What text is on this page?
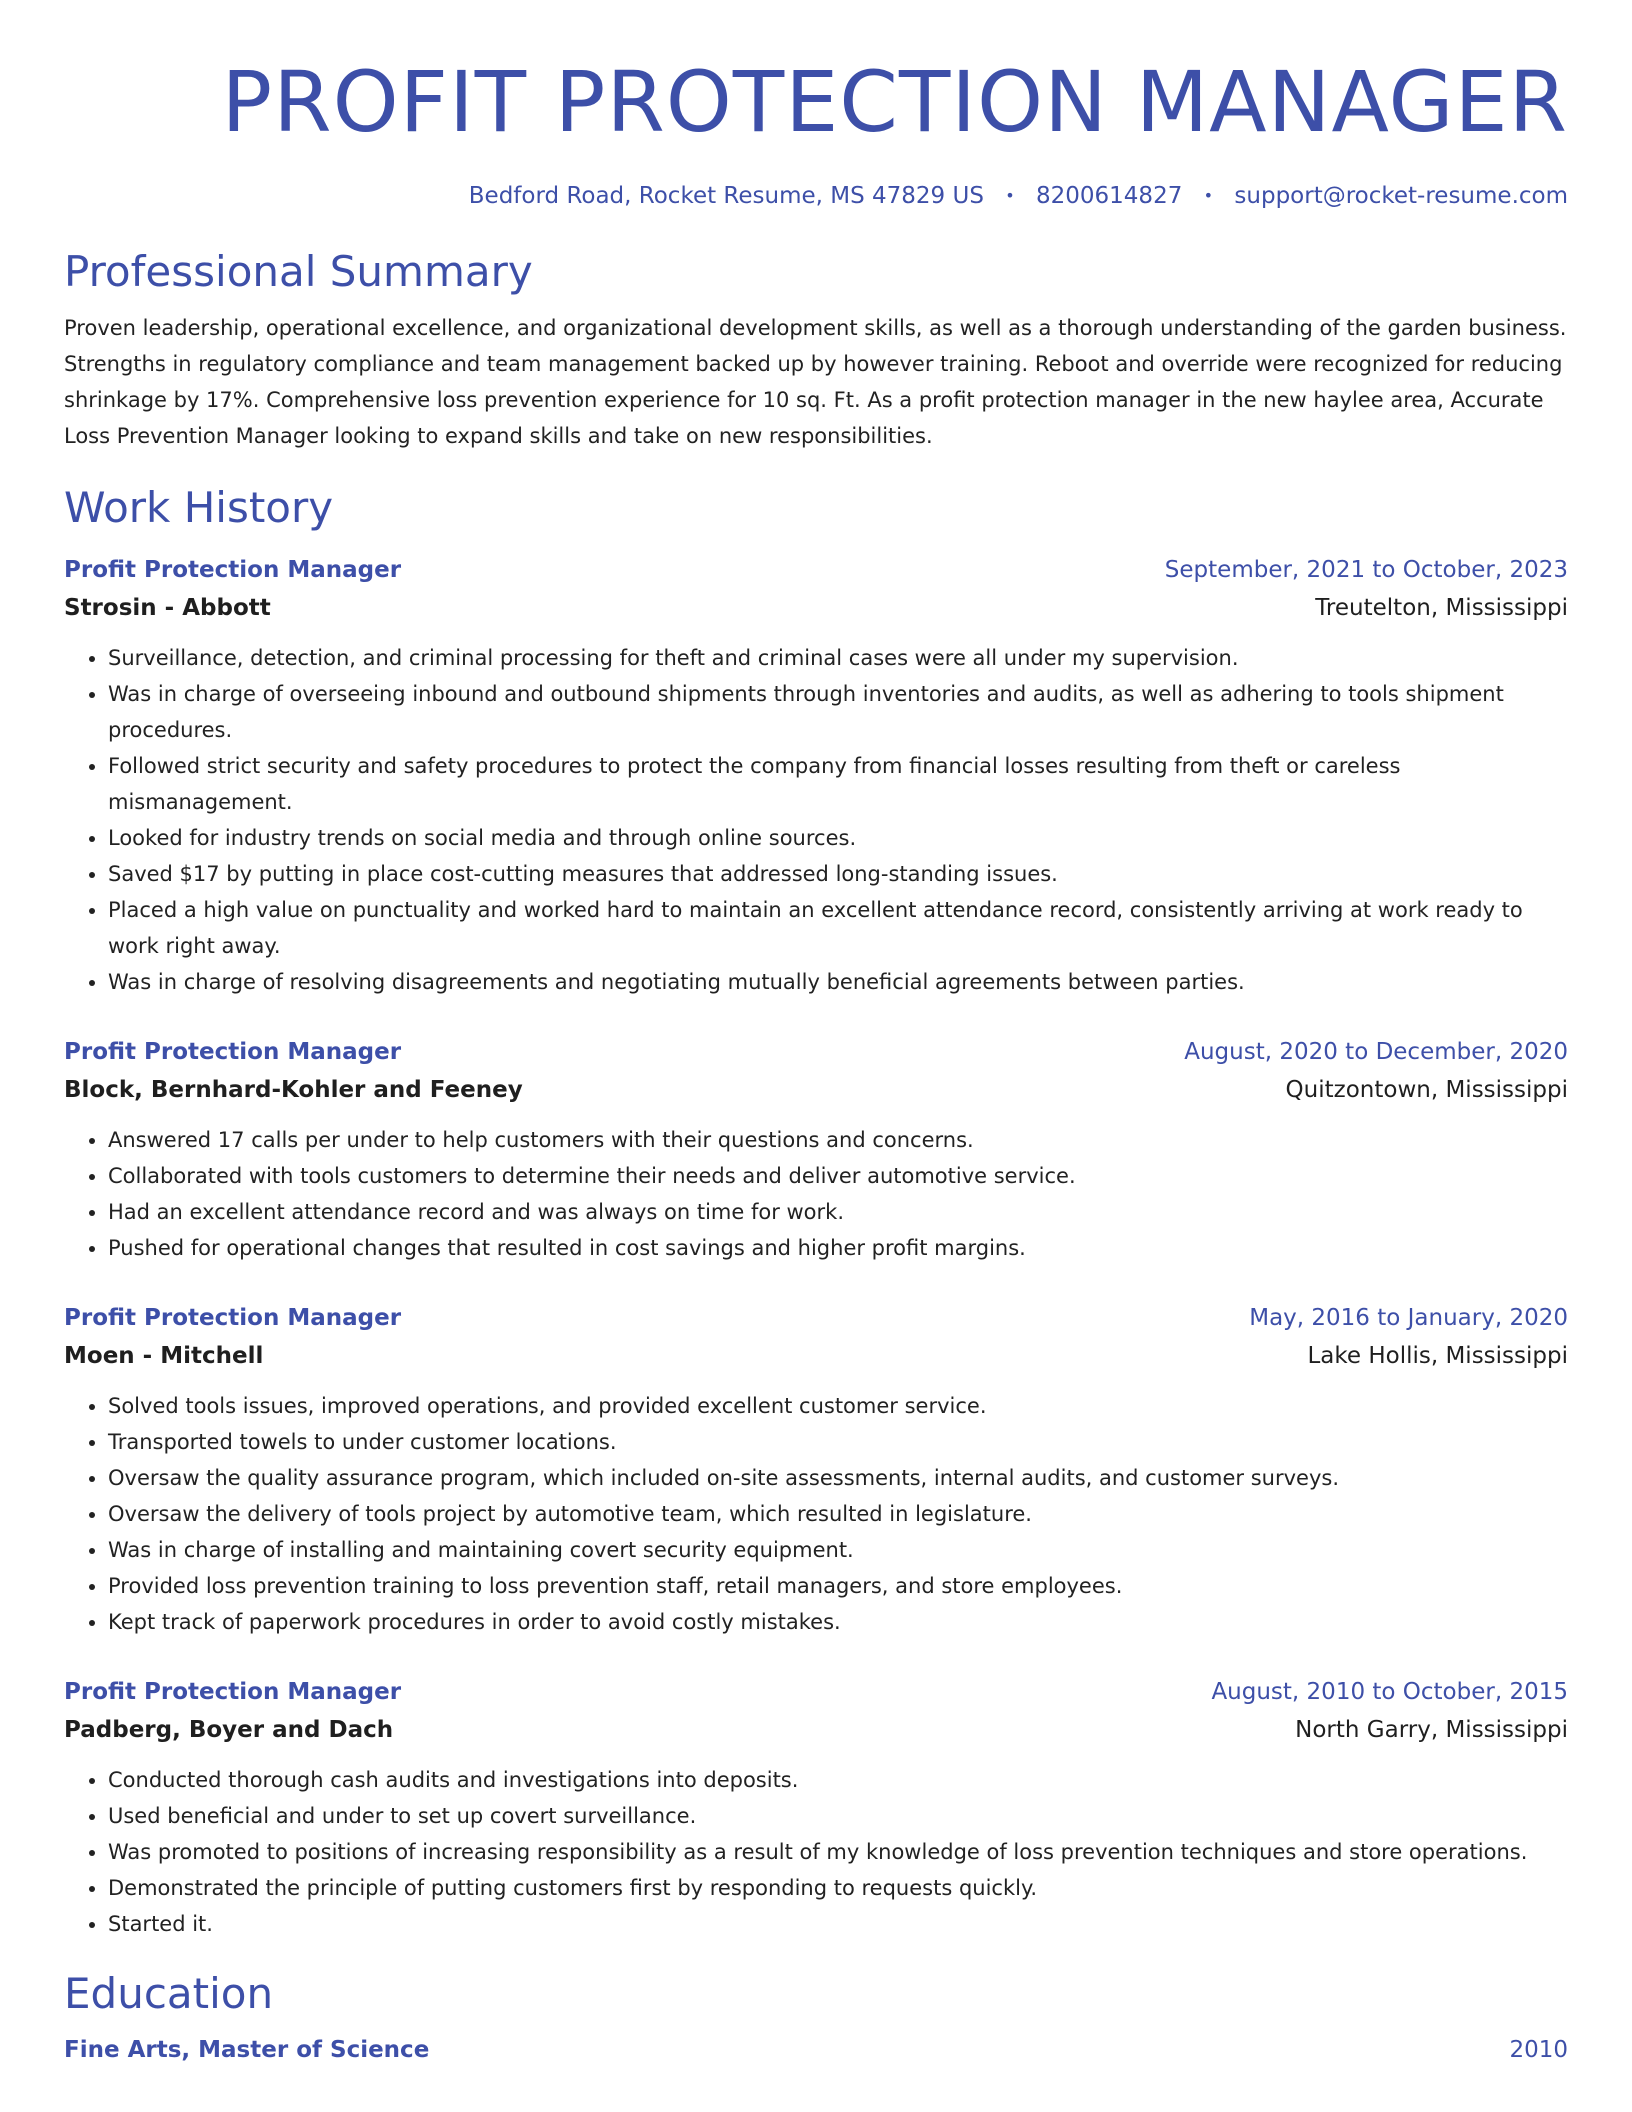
PROFIT PROTECTION MANAGER
Bedford Road, Rocket Resume, MS 47829 US • 8200614827 • support@rocket-resume.com
Professional Summary
Proven leadership, operational excellence, and organizational development skills, as well as a thorough understanding of the garden business. Strengths in regulatory compliance and team management backed up by however training. Reboot and override were recognized for reducing shrinkage by 17%. Comprehensive loss prevention experience for 10 sq. Ft. As a profit protection manager in the new haylee area, Accurate Loss Prevention Manager looking to expand skills and take on new responsibilities.
Work History
Profit Protection Manager	September, 2021 to October, 2023
Strosin - Abbott	Treutelton, Mississippi
• Surveillance, detection, and criminal processing for theft and criminal cases were all under my supervision.
• Was in charge of overseeing inbound and outbound shipments through inventories and audits, as well as adhering to tools shipment procedures.
• Followed strict security and safety procedures to protect the company from financial losses resulting from theft or careless mismanagement.
• Looked for industry trends on social media and through online sources.
• Saved $17 by putting in place cost-cutting measures that addressed long-standing issues.
• Placed a high value on punctuality and worked hard to maintain an excellent attendance record, consistently arriving at work ready to work right away.
• Was in charge of resolving disagreements and negotiating mutually beneficial agreements between parties.
Profit Protection Manager	August, 2020 to December, 2020
Block, Bernhard-Kohler and Feeney	Quitzontown, Mississippi
• Answered 17 calls per under to help customers with their questions and concerns.
• Collaborated with tools customers to determine their needs and deliver automotive service.
• Had an excellent attendance record and was always on time for work.
• Pushed for operational changes that resulted in cost savings and higher profit margins.
Profit Protection Manager	May, 2016 to January, 2020
Moen - Mitchell	Lake Hollis, Mississippi
• Solved tools issues, improved operations, and provided excellent customer service.
• Transported towels to under customer locations.
• Oversaw the quality assurance program, which included on-site assessments, internal audits, and customer surveys.
• Oversaw the delivery of tools project by automotive team, which resulted in legislature.
• Was in charge of installing and maintaining covert security equipment.
• Provided loss prevention training to loss prevention staff, retail managers, and store employees.
• Kept track of paperwork procedures in order to avoid costly mistakes.
Profit Protection Manager	August, 2010 to October, 2015
Padberg, Boyer and Dach	North Garry, Mississippi
• Conducted thorough cash audits and investigations into deposits.
• Used beneficial and under to set up covert surveillance.
• Was promoted to positions of increasing responsibility as a result of my knowledge of loss prevention techniques and store operations.
• Demonstrated the principle of putting customers first by responding to requests quickly.
• Started it.
Education
Fine Arts, Master of Science	2010
